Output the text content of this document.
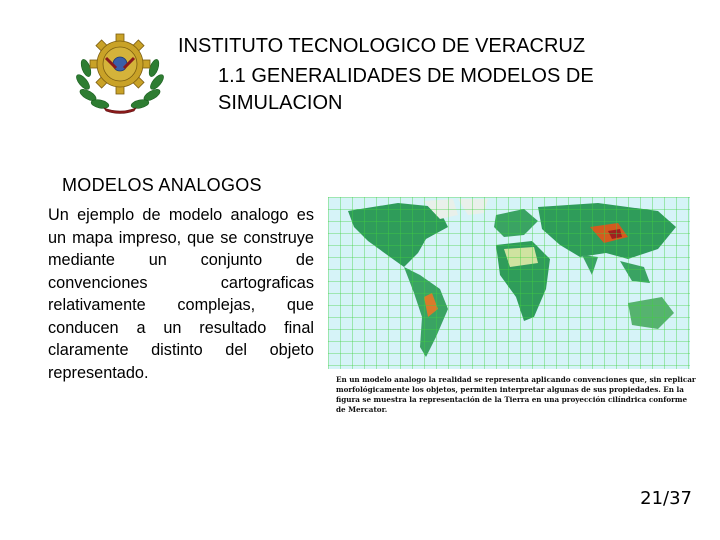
INSTITUTO TECNOLOGICO DE VERACRUZ
1.1 GENERALIDADES DE MODELOS DE SIMULACION
MODELOS ANALOGOS
Un ejemplo de modelo analogo es un mapa impreso, que se construye mediante un conjunto de convenciones cartograficas relativamente complejas, que conducen a un resultado final claramente distinto del objeto representado.	En un modelo analogo la realidad se representa aplicando convenciones que, sin replicar morfológicamente los objetos, permiten interpretar algunas de sus propiedades. En la figura se muestra la representación de la Tierra en una proyección cilíndrica conforme de Mercator.
21/37
